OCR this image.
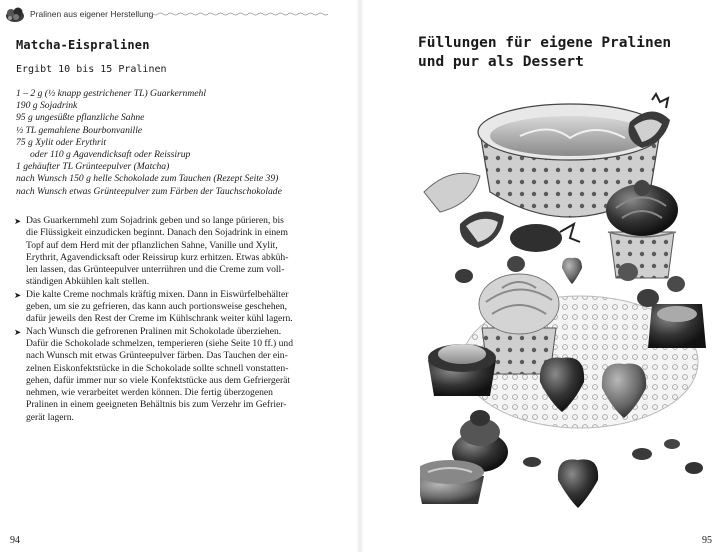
Pralinen aus eigener Herstellung
Matcha-Eispralinen
Ergibt 10 bis 15 Pralinen
1 – 2 g (½ knapp gestrichener TL) Guarkernmehl
190 g Sojadrink
95 g ungesüßte pflanzliche Sahne
½ TL gemahlene Bourbonvanille
75 g Xylit oder Erythrit
oder 110 g Agavendicksaft oder Reissirup
1 gehäufter TL Grünteepulver (Matcha)
nach Wunsch 150 g helle Schokolade zum Tauchen (Rezept Seite 39)
nach Wunsch etwas Grünteepulver zum Färben der Tauchschokolade
➤ Das Guarkernmehl zum Sojadrink geben und so lange pürieren, bis
die Flüssigkeit einzudicken beginnt. Danach den Sojadrink in einem
Topf auf dem Herd mit der pflanzlichen Sahne, Vanille und Xylit,
Erythrit, Agavendicksaft oder Reissirup kurz erhitzen. Etwas abküh-
len lassen, das Grünteepulver unterrühren und die Creme zum voll-
ständigen Abkühlen kalt stellen.
➤ Die kalte Creme nochmals kräftig mixen. Dann in Eiswürfelbehälter
geben, um sie zu gefrieren, das kann auch portionsweise geschehen,
dafür jeweils den Rest der Creme im Kühlschrank weiter kühl lagern.
➤ Nach Wunsch die gefrorenen Pralinen mit Schokolade überziehen.
Dafür die Schokolade schmelzen, temperieren (siehe Seite 10 ff.) und
nach Wunsch mit etwas Grünteepulver färben. Das Tauchen der ein-
zelnen Eiskonfektstücke in die Schokolade sollte schnell vonstatten-
gehen, dafür immer nur so viele Konfektstücke aus dem Gefriergerät
nehmen, wie verarbeitet werden können. Die fertig überzogenen
Pralinen in einem geeigneten Behältnis bis zum Verzehr im Gefrier-
gerät lagern.
94
Füllungen für eigene Pralinen
und pur als Dessert
95
